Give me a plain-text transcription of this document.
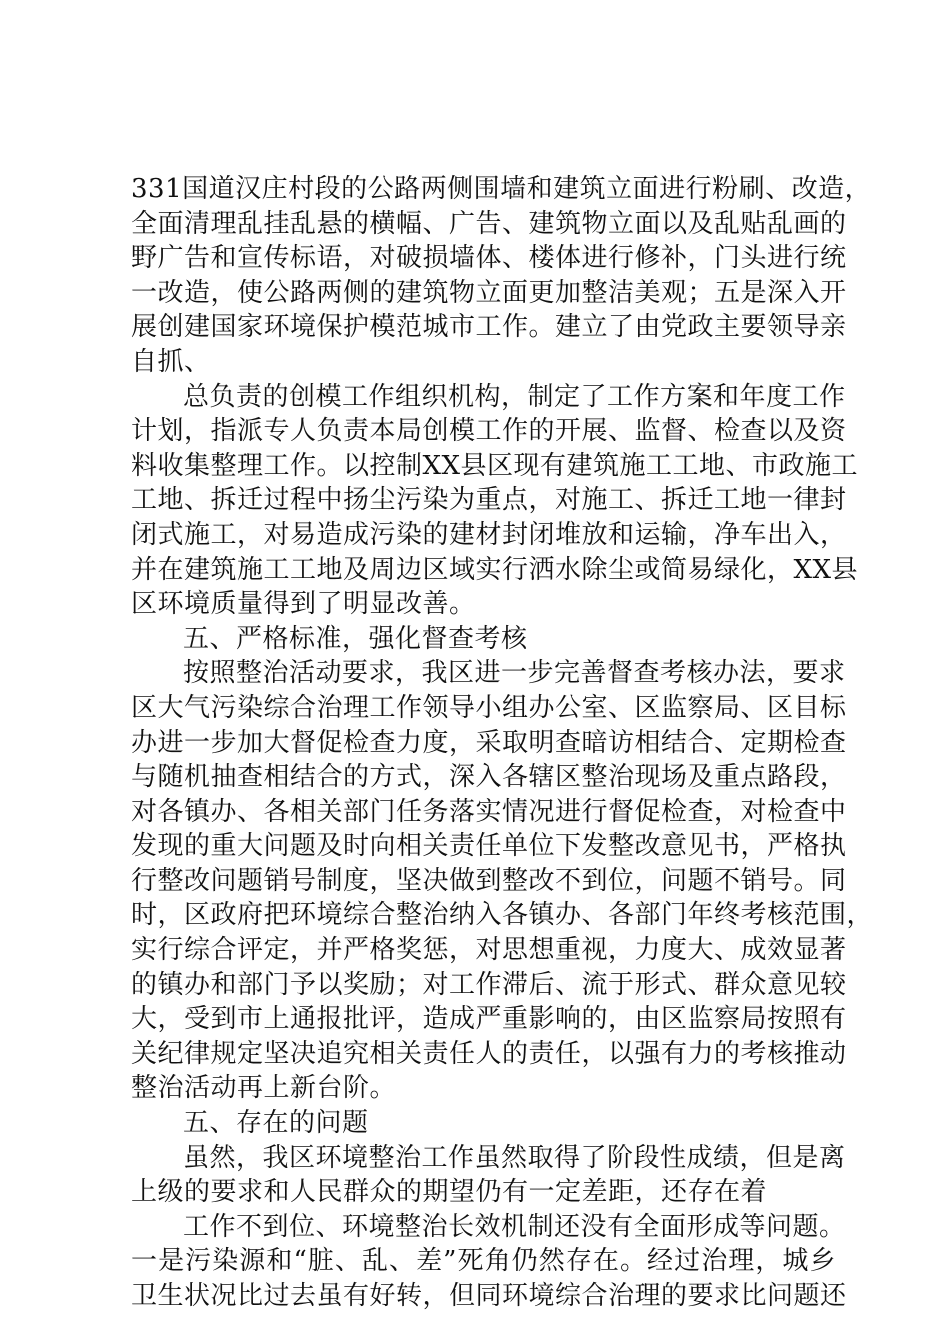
331国道汉庄村段的公路两侧围墙和建筑立面进行粉刷、改造，
全面清理乱挂乱悬的横幅、广告、建筑物立面以及乱贴乱画的
野广告和宣传标语，对破损墙体、楼体进行修补，门头进行统
一改造，使公路两侧的建筑物立面更加整洁美观；五是深入开
展创建国家环境保护模范城市工作。建立了由党政主要领导亲
自抓、
总负责的创模工作组织机构，制定了工作方案和年度工作
计划，指派专人负责本局创模工作的开展、监督、检查以及资
料收集整理工作。以控制XX县区现有建筑施工工地、市政施工
工地、拆迁过程中扬尘污染为重点，对施工、拆迁工地一律封
闭式施工，对易造成污染的建材封闭堆放和运输，净车出入，
并在建筑施工工地及周边区域实行洒水除尘或简易绿化，XX县
区环境质量得到了明显改善。
五、严格标准，强化督查考核
按照整治活动要求，我区进一步完善督查考核办法，要求
区大气污染综合治理工作领导小组办公室、区监察局、区目标
办进一步加大督促检查力度，采取明查暗访相结合、定期检查
与随机抽查相结合的方式，深入各辖区整治现场及重点路段，
对各镇办、各相关部门任务落实情况进行督促检查，对检查中
发现的重大问题及时向相关责任单位下发整改意见书，严格执
行整改问题销号制度，坚决做到整改不到位，问题不销号。同
时，区政府把环境综合整治纳入各镇办、各部门年终考核范围，
实行综合评定，并严格奖惩，对思想重视，力度大、成效显著
的镇办和部门予以奖励；对工作滞后、流于形式、群众意见较
大，受到市上通报批评，造成严重影响的，由区监察局按照有
关纪律规定坚决追究相关责任人的责任，以强有力的考核推动
整治活动再上新台阶。
五、存在的问题
虽然，我区环境整治工作虽然取得了阶段性成绩，但是离
上级的要求和人民群众的期望仍有一定差距，还存在着
工作不到位、环境整治长效机制还没有全面形成等问题。
一是污染源和“脏、乱、差”死角仍然存在。经过治理，城乡
卫生状况比过去虽有好转，但同环境综合治理的要求比问题还
